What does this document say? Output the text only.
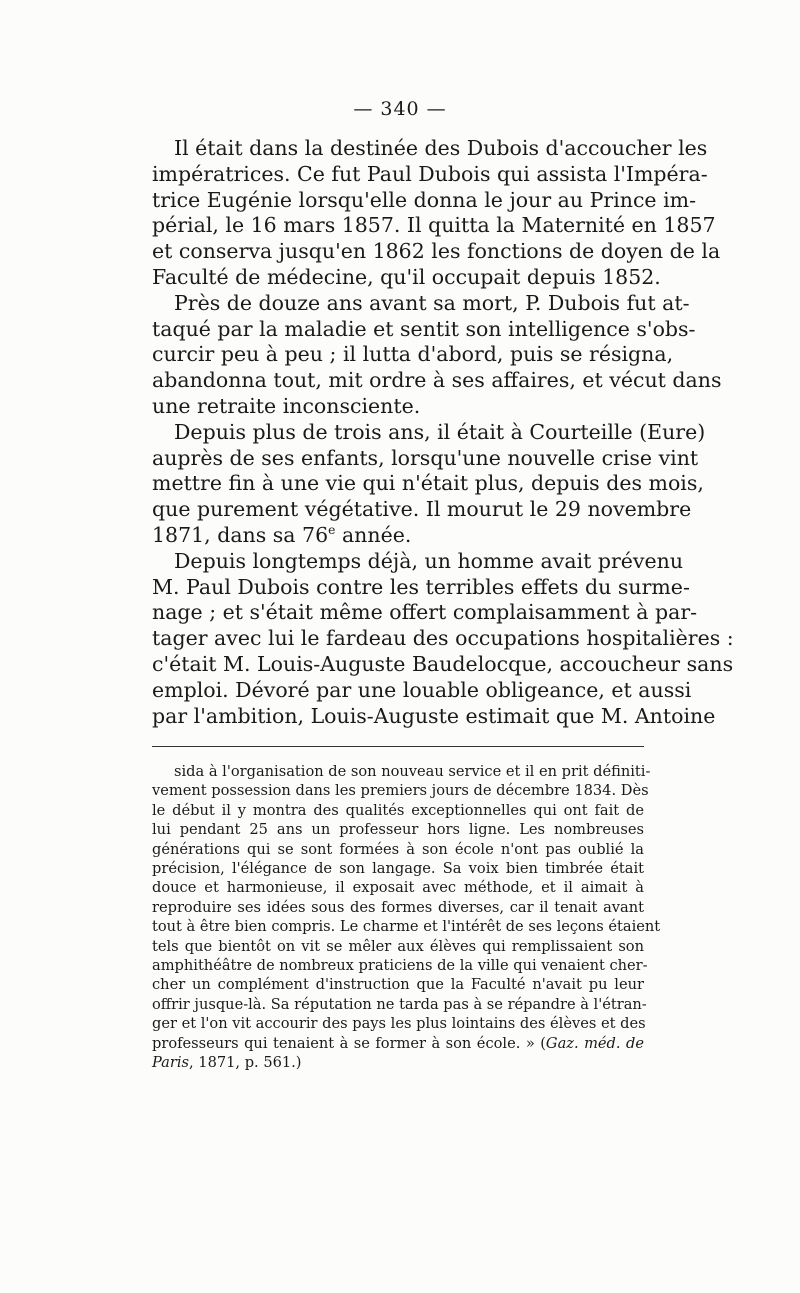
— 340 —
Il était dans la destinée des Dubois d'accoucher les
impératrices. Ce fut Paul Dubois qui assista l'Impéra-
trice Eugénie lorsqu'elle donna le jour au Prince im-
périal, le 16 mars 1857. Il quitta la Maternité en 1857
et conserva jusqu'en 1862 les fonctions de doyen de la
Faculté de médecine, qu'il occupait depuis 1852.
Près de douze ans avant sa mort, P. Dubois fut at-
taqué par la maladie et sentit son intelligence s'obs-
curcir peu à peu ; il lutta d'abord, puis se résigna,
abandonna tout, mit ordre à ses affaires, et vécut dans
une retraite inconsciente.
Depuis plus de trois ans, il était à Courteille (Eure)
auprès de ses enfants, lorsqu'une nouvelle crise vint
mettre fin à une vie qui n'était plus, depuis des mois,
que purement végétative. Il mourut le 29 novembre
1871, dans sa 76e année.
Depuis longtemps déjà, un homme avait prévenu
M. Paul Dubois contre les terribles effets du surme-
nage ; et s'était même offert complaisamment à par-
tager avec lui le fardeau des occupations hospitalières :
c'était M. Louis-Auguste Baudelocque, accoucheur sans
emploi. Dévoré par une louable obligeance, et aussi
par l'ambition, Louis-Auguste estimait que M. Antoine
sida à l'organisation de son nouveau service et il en prit définiti-
vement possession dans les premiers jours de décembre 1834. Dès
le début il y montra des qualités exceptionnelles qui ont fait de
lui pendant 25 ans un professeur hors ligne. Les nombreuses
générations qui se sont formées à son école n'ont pas oublié la
précision, l'élégance de son langage. Sa voix bien timbrée était
douce et harmonieuse, il exposait avec méthode, et il aimait à
reproduire ses idées sous des formes diverses, car il tenait avant
tout à être bien compris. Le charme et l'intérêt de ses leçons étaient
tels que bientôt on vit se mêler aux élèves qui remplissaient son
amphithéâtre de nombreux praticiens de la ville qui venaient cher-
cher un complément d'instruction que la Faculté n'avait pu leur
offrir jusque-là. Sa réputation ne tarda pas à se répandre à l'étran-
ger et l'on vit accourir des pays les plus lointains des élèves et des
professeurs qui tenaient à se former à son école. » (Gaz. méd. de
Paris, 1871, p. 561.)
